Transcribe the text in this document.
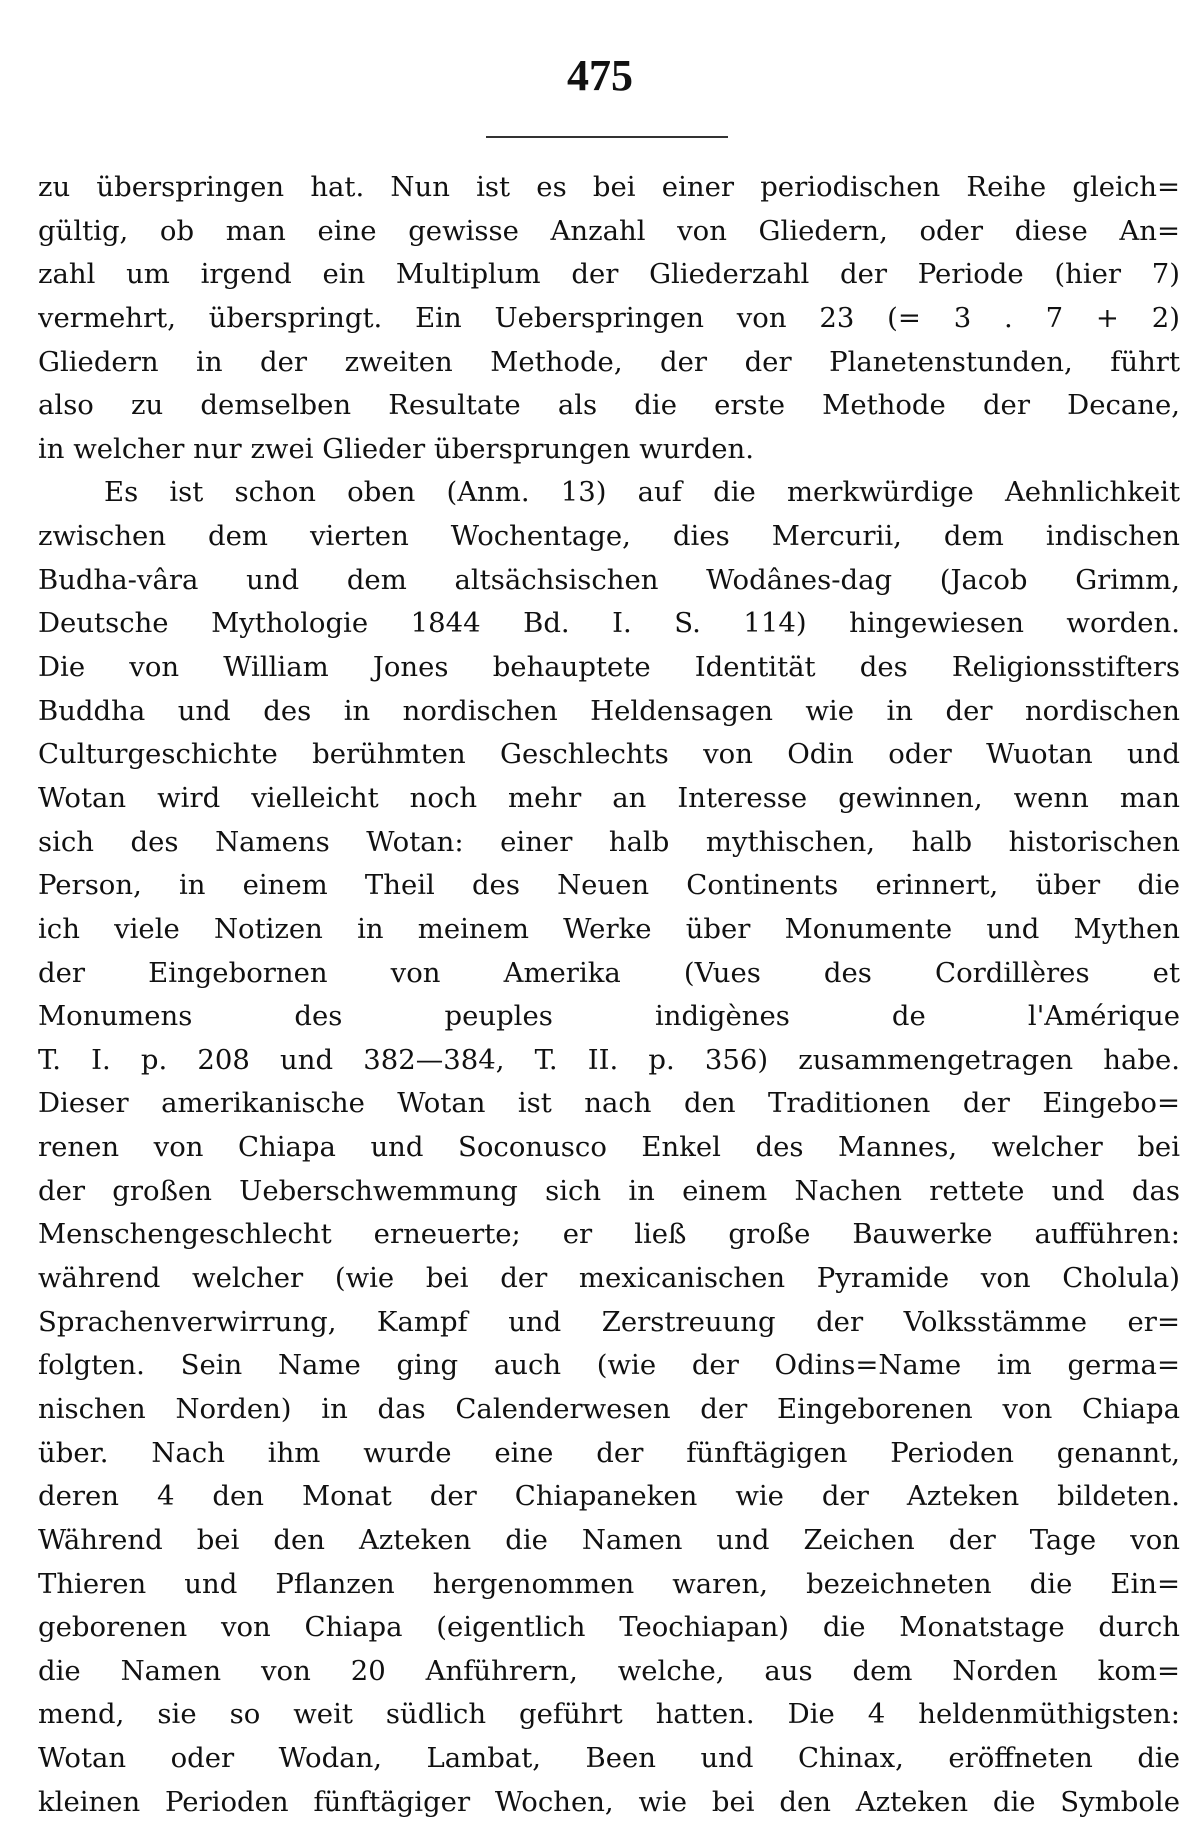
475
zu überspringen hat. Nun ist es bei einer periodischen Reihe gleich=
gültig, ob man eine gewisse Anzahl von Gliedern, oder diese An=
zahl um irgend ein Multiplum der Gliederzahl der Periode (hier 7)
vermehrt, überspringt. Ein Ueberspringen von 23 (= 3 . 7 + 2)
Gliedern in der zweiten Methode, der der Planetenstunden, führt
also zu demselben Resultate als die erste Methode der Decane,
in welcher nur zwei Glieder übersprungen wurden.
Es ist schon oben (Anm. 13) auf die merkwürdige Aehnlichkeit
zwischen dem vierten Wochentage, dies Mercurii, dem indischen
Budha-vâra und dem altsächsischen Wodânes-dag (Jacob Grimm,
Deutsche Mythologie 1844 Bd. I. S. 114) hingewiesen worden.
Die von William Jones behauptete Identität des Religionsstifters
Buddha und des in nordischen Heldensagen wie in der nordischen
Culturgeschichte berühmten Geschlechts von Odin oder Wuotan und
Wotan wird vielleicht noch mehr an Interesse gewinnen, wenn man
sich des Namens Wotan: einer halb mythischen, halb historischen
Person, in einem Theil des Neuen Continents erinnert, über die
ich viele Notizen in meinem Werke über Monumente und Mythen
der Eingebornen von Amerika (Vues des Cordillères et
Monumens des peuples indigènes de l'Amérique
T. I. p. 208 und 382—384, T. II. p. 356) zusammengetragen habe.
Dieser amerikanische Wotan ist nach den Traditionen der Eingebo=
renen von Chiapa und Soconusco Enkel des Mannes, welcher bei
der großen Ueberschwemmung sich in einem Nachen rettete und das
Menschengeschlecht erneuerte; er ließ große Bauwerke aufführen:
während welcher (wie bei der mexicanischen Pyramide von Cholula)
Sprachenverwirrung, Kampf und Zerstreuung der Volksstämme er=
folgten. Sein Name ging auch (wie der Odins=Name im germa=
nischen Norden) in das Calenderwesen der Eingeborenen von Chiapa
über. Nach ihm wurde eine der fünftägigen Perioden genannt,
deren 4 den Monat der Chiapaneken wie der Azteken bildeten.
Während bei den Azteken die Namen und Zeichen der Tage von
Thieren und Pflanzen hergenommen waren, bezeichneten die Ein=
geborenen von Chiapa (eigentlich Teochiapan) die Monatstage durch
die Namen von 20 Anführern, welche, aus dem Norden kom=
mend, sie so weit südlich geführt hatten. Die 4 heldenmüthigsten:
Wotan oder Wodan, Lambat, Been und Chinax, eröffneten die
kleinen Perioden fünftägiger Wochen, wie bei den Azteken die Symbole
